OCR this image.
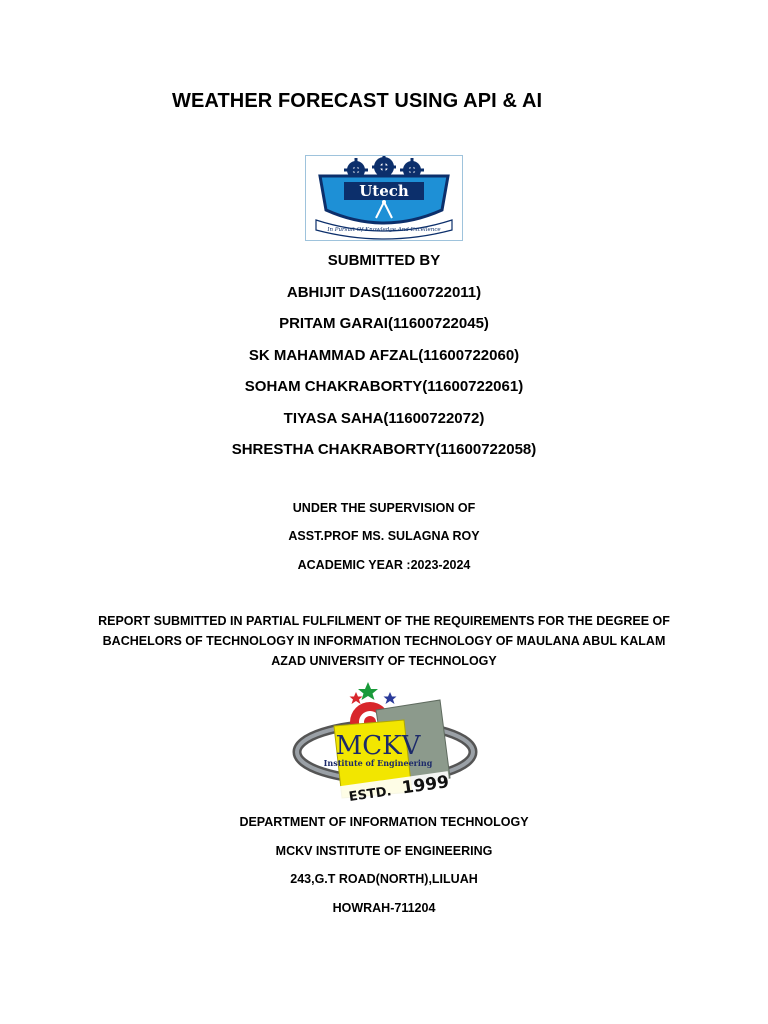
WEATHER FORECAST USING API & AI
Utech
In Pursuit Of Knowledge And Excellence
SUBMITTED BY
ABHIJIT DAS(11600722011)
PRITAM GARAI(11600722045)
SK MAHAMMAD AFZAL(11600722060)
SOHAM CHAKRABORTY(11600722061)
TIYASA SAHA(11600722072)
SHRESTHA CHAKRABORTY(11600722058)
UNDER THE SUPERVISION OF
ASST.PROF MS. SULAGNA ROY
ACADEMIC YEAR :2023-2024
REPORT SUBMITTED IN PARTIAL FULFILMENT OF THE REQUIREMENTS FOR THE DEGREE OF BACHELORS OF TECHNOLOGY IN INFORMATION TECHNOLOGY OF MAULANA ABUL KALAM AZAD UNIVERSITY OF TECHNOLOGY
MCKV
Institute of Engineering
ESTD. 1999
DEPARTMENT OF INFORMATION TECHNOLOGY
MCKV INSTITUTE OF ENGINEERING
243,G.T ROAD(NORTH),LILUAH
HOWRAH-711204
